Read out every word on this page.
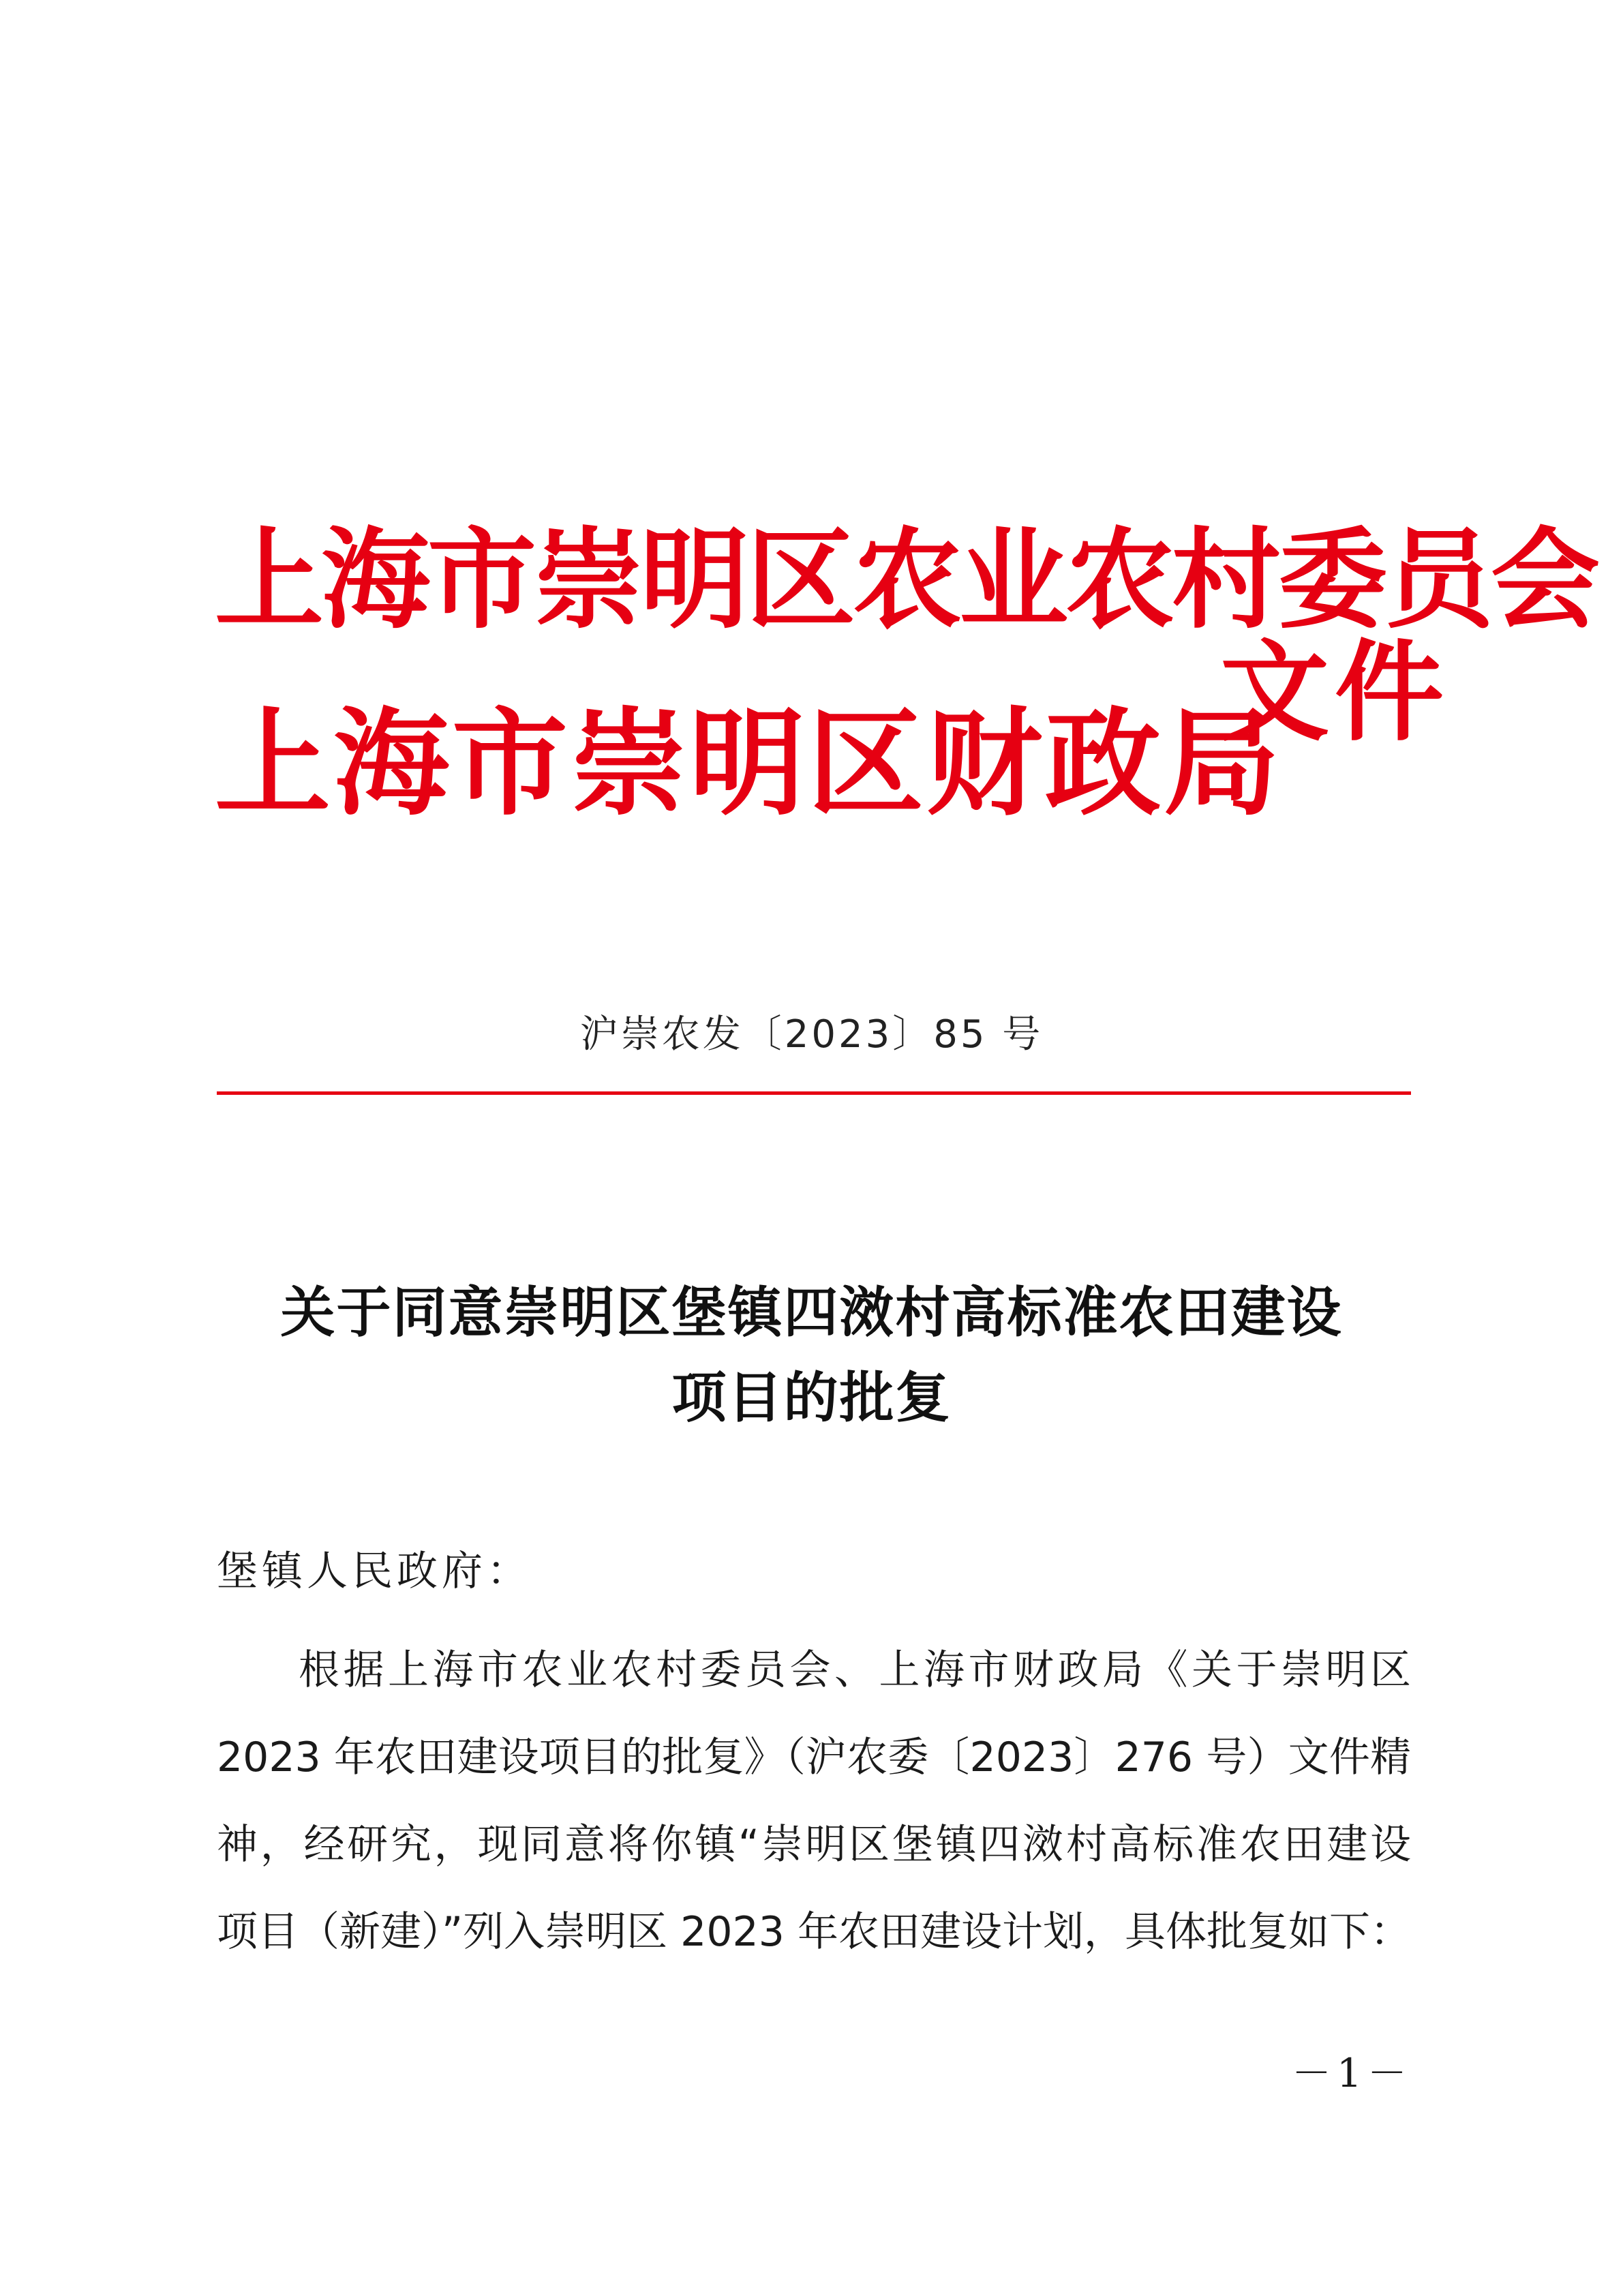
上海市崇明区农业农村委员会
上海市崇明区财政局
文件
沪崇农发〔2023〕85 号
关于同意崇明区堡镇四滧村高标准农田建设
项目的批复
堡镇人民政府：
根据上海市农业农村委员会、上海市财政局《关于崇明区
2023 年农田建设项目的批复》（沪农委〔2023〕276 号）文件精
神，经研究，现同意将你镇“崇明区堡镇四滧村高标准农田建设
项目（新建）”列入崇明区 2023 年农田建设计划，具体批复如下：
－1－
